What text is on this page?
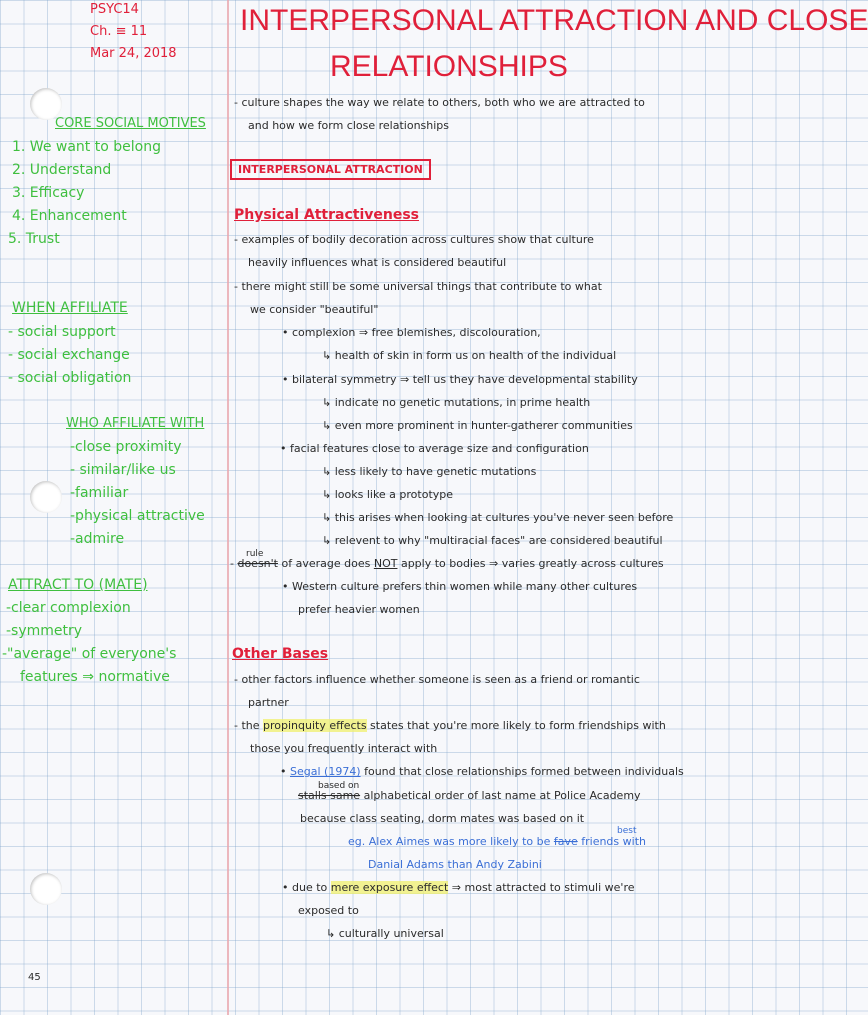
PSYC14
Ch. ≡ 11
Mar 24, 2018
INTERPERSONAL ATTRACTION AND CLOSE
RELATIONSHIPS
CORE SOCIAL MOTIVES
1. We want to belong
2. Understand
3. Efficacy
4. Enhancement
5. Trust
WHEN AFFILIATE
- social support
- social exchange
- social obligation
WHO AFFILIATE WITH
-close proximity
- similar/like us
-familiar
-physical attractive
-admire
ATTRACT TO (MATE)
-clear complexion
-symmetry
-"average" of everyone's
features ⇒ normative
- culture shapes the way we relate to others, both who we are attracted to
and how we form close relationships
INTERPERSONAL ATTRACTION
Physical Attractiveness
- examples of bodily decoration across cultures show that culture
heavily influences what is considered beautiful
- there might still be some universal things that contribute to what
we consider "beautiful"
• complexion ⇒ free blemishes, discolouration,
↳ health of skin in form us on health of the individual
• bilateral symmetry ⇒ tell us they have developmental stability
↳ indicate no genetic mutations, in prime health
↳ even more prominent in hunter-gatherer communities
• facial features close to average size and configuration
↳ less likely to have genetic mutations
↳ looks like a prototype
↳ this arises when looking at cultures you've never seen before
↳ relevent to why "multiracial faces" are considered beautiful
rule
- doesn't of average does NOT apply to bodies ⇒ varies greatly across cultures
• Western culture prefers thin women while many other cultures
prefer heavier women
Other Bases
- other factors influence whether someone is seen as a friend or romantic
partner
- the propinquity effects states that you're more likely to form friendships with
those you frequently interact with
• Segal (1974) found that close relationships formed between individuals
based on
stalls same alphabetical order of last name at Police Academy
because class seating, dorm mates was based on it
best
eg. Alex Aimes was more likely to be fave friends with
Danial Adams than Andy Zabini
• due to mere exposure effect ⇒ most attracted to stimuli we're
exposed to
↳ culturally universal
45
